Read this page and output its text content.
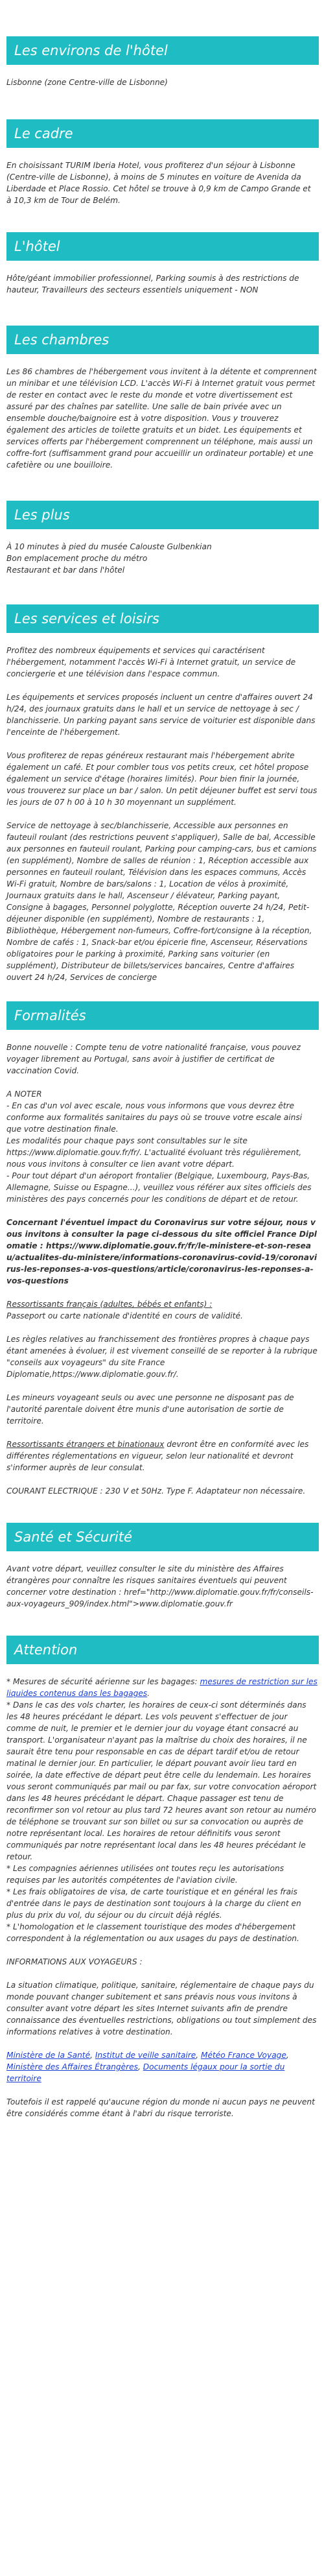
Les environs de l'hôtel

Lisbonne (zone Centre-ville de Lisbonne)

Le cadre

En choisissant TURIM Iberia Hotel, vous profiterez d'un séjour à Lisbonne (Centre-ville de Lisbonne), à moins de 5 minutes en voiture de Avenida da Liberdade et Place Rossio. Cet hôtel se trouve à 0,9 km de Campo Grande et à 10,3 km de Tour de Belém.

L'hôtel

Hôte/géant immobilier professionnel, Parking soumis à des restrictions de hauteur, Travailleurs des secteurs essentiels uniquement - NON

Les chambres

Les 86 chambres de l'hébergement vous invitent à la détente et comprennent un minibar et une télévision LCD. L'accès Wi-Fi à Internet gratuit vous permet de rester en contact avec le reste du monde et votre divertissement est assuré par des chaînes par satellite. Une salle de bain privée avec un ensemble douche/baignoire est à votre disposition. Vous y trouverez également des articles de toilette gratuits et un bidet. Les équipements et services offerts par l'hébergement comprennent un téléphone, mais aussi un coffre-fort (suffisamment grand pour accueillir un ordinateur portable) et une cafetière ou une bouilloire.

Les plus
À 10 minutes à pied du musée Calouste Gulbenkian
Bon emplacement proche du métro
Restaurant et bar dans l'hôtel
Les services et loisirs

Profitez des nombreux équipements et services qui caractérisent l'hébergement, notamment l'accès Wi-Fi à Internet gratuit, un service de conciergerie et une télévision dans l'espace commun.

Les équipements et services proposés incluent un centre d'affaires ouvert 24 h/24, des journaux gratuits dans le hall et un service de nettoyage à sec / blanchisserie. Un parking payant sans service de voiturier est disponible dans l'enceinte de l'hébergement.

Vous profiterez de repas généreux restaurant mais l'hébergement abrite également un café. Et pour combler tous vos petits creux, cet hôtel propose également un service d'étage (horaires limités). Pour bien finir la journée, vous trouverez sur place un bar / salon. Un petit déjeuner buffet est servi tous les jours de 07 h 00 à 10 h 30 moyennant un supplément.

Service de nettoyage à sec/blanchisserie, Accessible aux personnes en fauteuil roulant (des restrictions peuvent s'appliquer), Salle de bal, Accessible aux personnes en fauteuil roulant, Parking pour camping-cars, bus et camions (en supplément), Nombre de salles de réunion : 1, Réception accessible aux personnes en fauteuil roulant, Télévision dans les espaces communs, Accès Wi-Fi gratuit, Nombre de bars/salons : 1, Location de vélos à proximité, Journaux gratuits dans le hall, Ascenseur / élévateur, Parking payant, Consigne à bagages, Personnel polyglotte, Réception ouverte 24 h/24, Petit-déjeuner disponible (en supplément), Nombre de restaurants : 1, Bibliothèque, Hébergement non-fumeurs, Coffre-fort/consigne à la réception, Nombre de cafés : 1, Snack-bar et/ou épicerie fine, Ascenseur, Réservations obligatoires pour le parking à proximité, Parking sans voiturier (en supplément), Distributeur de billets/services bancaires, Centre d'affaires ouvert 24 h/24, Services de concierge

Formalités

Bonne nouvelle : Compte tenu de votre nationalité française, vous pouvez voyager librement au Portugal, sans avoir à justifier de certificat de vaccination Covid.

A NOTER
- En cas d'un vol avec escale, nous vous informons que vous devrez être conforme aux formalités sanitaires du pays où se trouve votre escale ainsi que votre destination finale.
Les modalités pour chaque pays sont consultables sur le site https://www.diplomatie.gouv.fr/fr/. L'actualité évoluant très régulièrement, nous vous invitons à consulter ce lien avant votre départ.

- Pour tout départ d'un aéroport frontalier (Belgique, Luxembourg, Pays-Bas, Allemagne, Suisse ou Espagne...), veuillez vous référer aux sites officiels des ministères des pays concernés pour les conditions de départ et de retour.

Concernant l'éventuel impact du Coronavirus sur votre séjour, nous vous invitons à consulter la page ci-dessous du site officiel France Diplomatie : https://www.diplomatie.gouv.fr/fr/le-ministere-et-son-reseau/actualites-du-ministere/informations-coronavirus-covid-19/coronavirus-les-reponses-a-vos-questions/article/coronavirus-les-reponses-a-vos-questions

Ressortissants français (adultes, bébés et enfants) :

Passeport ou carte nationale d'identité en cours de validité.

Les règles relatives au franchissement des frontières propres à chaque pays étant amenées à évoluer, il est vivement conseillé de se reporter à la rubrique "conseils aux voyageurs" du site France Diplomatie,https://www.diplomatie.gouv.fr/.

Les mineurs voyageant seuls ou avec une personne ne disposant pas de l'autorité parentale doivent être munis d'une autorisation de sortie de territoire.

Ressortissants étrangers et binationaux devront être en conformité avec les différentes réglementations en vigueur, selon leur nationalité et devront s'informer auprès de leur consulat.

COURANT ELECTRIQUE : 230 V et 50Hz. Type F. Adaptateur non nécessaire.

Santé et Sécurité

Avant votre départ, veuillez consulter le site du ministère des Affaires étrangères pour connaître les risques sanitaires éventuels qui peuvent concerner votre destination : href="http://www.diplomatie.gouv.fr/fr/conseils-aux-voyageurs_909/index.html">www.diplomatie.gouv.fr

Attention
* Mesures de sécurité aérienne sur les bagages: mesures de restriction sur les liquides contenus dans les bagages.
* Dans le cas des vols charter, les horaires de ceux-ci sont déterminés dans les 48 heures précédant le départ. Les vols peuvent s'effectuer de jour comme de nuit, le premier et le dernier jour du voyage étant consacré au transport. L'organisateur n'ayant pas la maîtrise du choix des horaires, il ne saurait être tenu pour responsable en cas de départ tardif et/ou de retour matinal le dernier jour. En particulier, le départ pouvant avoir lieu tard en soirée, la date effective de départ peut être celle du lendemain. Les horaires vous seront communiqués par mail ou par fax, sur votre convocation aéroport dans les 48 heures précédant le départ. Chaque passager est tenu de reconfirmer son vol retour au plus tard 72 heures avant son retour au numéro de téléphone se trouvant sur son billet ou sur sa convocation ou auprès de notre représentant local. Les horaires de retour définitifs vous seront communiqués par notre représentant local dans les 48 heures précédant le retour.
* Les compagnies aériennes utilisées ont toutes reçu les autorisations requises par les autorités compétentes de l'aviation civile.
* Les frais obligatoires de visa, de carte touristique et en général les frais d'entrée dans le pays de destination sont toujours à la charge du client en plus du prix du vol, du séjour ou du circuit déjà réglés.

* L'homologation et le classement touristique des modes d'hébergement correspondent à la réglementation ou aux usages du pays de destination.

INFORMATIONS AUX VOYAGEURS :

La situation climatique, politique, sanitaire, réglementaire de chaque pays du monde pouvant changer subitement et sans préavis nous vous invitons à consulter avant votre départ les sites Internet suivants afin de prendre connaissance des éventuelles restrictions, obligations ou tout simplement des informations relatives à votre destination.

Ministère de la Santé, Institut de veille sanitaire, Météo France Voyage, Ministère des Affaires Étrangères, Documents légaux pour la sortie du territoire

Toutefois il est rappelé qu'aucune région du monde ni aucun pays ne peuvent être considérés comme étant à l'abri du risque terroriste.
